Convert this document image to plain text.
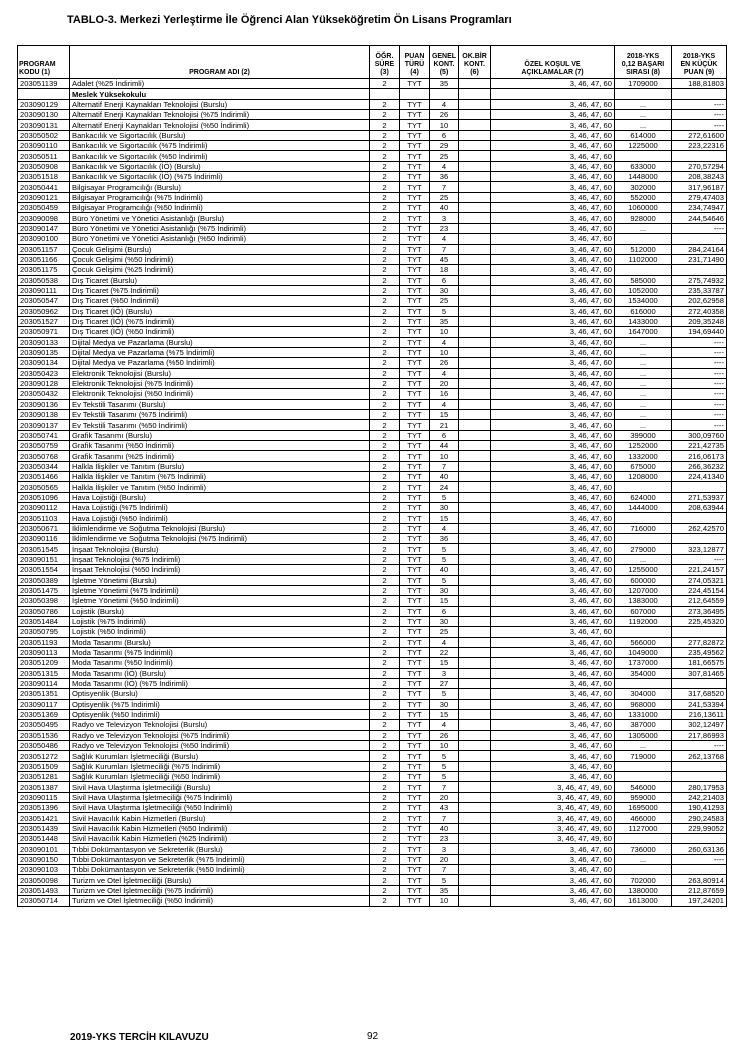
TABLO-3. Merkezi Yerleştirme İle Öğrenci Alan Yükseköğretim Ön Lisans Programları
PROGRAM
KODU (1)	PROGRAM ADI (2)	ÖĞR.
SÜRE
(3)	PUAN
TÜRÜ
(4)	GENEL
KONT.
(5)	OK.BİR
KONT.
(6)	ÖZEL KOŞUL VE
AÇIKLAMALAR (7)	2018-YKS
0,12 BAŞARI
SIRASI (8)	2018-YKS
EN KÜÇÜK
PUAN (9)

203051139	Adalet (%25 İndirimli)	2	TYT	35		3, 46, 47, 60	1709000	188,81803
	Meslek Yüksekokulu							
203090129	Alternatif Enerji Kaynakları Teknolojisi (Burslu)	2	TYT	4		3, 46, 47, 60	...	----
203090130	Alternatif Enerji Kaynakları Teknolojisi (%75 İndirimli)	2	TYT	26		3, 46, 47, 60	...	----
203090131	Alternatif Enerji Kaynakları Teknolojisi (%50 İndirimli)	2	TYT	10		3, 46, 47, 60	...	----
203050502	Bankacılık ve Sigortacılık (Burslu)	2	TYT	6		3, 46, 47, 60	614000	272,61600
203090110	Bankacılık ve Sigortacılık (%75 İndirimli)	2	TYT	29		3, 46, 47, 60	1225000	223,22316
203050511	Bankacılık ve Sigortacılık (%50 İndirimli)	2	TYT	25		3, 46, 47, 60		
203050908	Bankacılık ve Sigortacılık (İÖ) (Burslu)	2	TYT	4		3, 46, 47, 60	633000	270,57294
203051518	Bankacılık ve Sigortacılık (İÖ) (%75 İndirimli)	2	TYT	36		3, 46, 47, 60	1448000	208,38243
203050441	Bilgisayar Programcılığı (Burslu)	2	TYT	7		3, 46, 47, 60	302000	317,96187
203090121	Bilgisayar Programcılığı (%75 İndirimli)	2	TYT	25		3, 46, 47, 60	552000	279,47403
203050459	Bilgisayar Programcılığı (%50 İndirimli)	2	TYT	40		3, 46, 47, 60	1060000	234,74947
203090098	Büro Yönetimi ve Yönetici Asistanlığı (Burslu)	2	TYT	3		3, 46, 47, 60	928000	244,54646
203090147	Büro Yönetimi ve Yönetici Asistanlığı (%75 İndirimli)	2	TYT	23		3, 46, 47, 60	...	----
203090100	Büro Yönetimi ve Yönetici Asistanlığı (%50 İndirimli)	2	TYT	4		3, 46, 47, 60		
203051157	Çocuk Gelişimi (Burslu)	2	TYT	7		3, 46, 47, 60	512000	284,24164
203051166	Çocuk Gelişimi (%50 İndirimli)	2	TYT	45		3, 46, 47, 60	1102000	231,71490
203051175	Çocuk Gelişimi (%25 İndirimli)	2	TYT	18		3, 46, 47, 60		
203050538	Dış Ticaret (Burslu)	2	TYT	6		3, 46, 47, 60	585000	275,74932
203090111	Dış Ticaret (%75 İndirimli)	2	TYT	30		3, 46, 47, 60	1052000	235,33787
203050547	Dış Ticaret (%50 İndirimli)	2	TYT	25		3, 46, 47, 60	1534000	202,62958
203050962	Dış Ticaret (İÖ) (Burslu)	2	TYT	5		3, 46, 47, 60	616000	272,40358
203051527	Dış Ticaret (İÖ) (%75 İndirimli)	2	TYT	35		3, 46, 47, 60	1433000	209,35248
203050971	Dış Ticaret (İÖ) (%50 İndirimli)	2	TYT	10		3, 46, 47, 60	1647000	194,69440
203090133	Dijital Medya ve Pazarlama (Burslu)	2	TYT	4		3, 46, 47, 60	...	----
203090135	Dijital Medya ve Pazarlama (%75 İndirimli)	2	TYT	10		3, 46, 47, 60	...	----
203090134	Dijital Medya ve Pazarlama (%50 İndirimli)	2	TYT	26		3, 46, 47, 60	...	----
203050423	Elektronik Teknolojisi (Burslu)	2	TYT	4		3, 46, 47, 60	...	----
203090128	Elektronik Teknolojisi (%75 İndirimli)	2	TYT	20		3, 46, 47, 60	...	----
203050432	Elektronik Teknolojisi (%50 İndirimli)	2	TYT	16		3, 46, 47, 60	...	----
203090136	Ev Tekstili Tasarımı (Burslu)	2	TYT	4		3, 46, 47, 60	...	----
203090138	Ev Tekstili Tasarımı (%75 İndirimli)	2	TYT	15		3, 46, 47, 60	...	----
203090137	Ev Tekstili Tasarımı (%50 İndirimli)	2	TYT	21		3, 46, 47, 60	...	----
203050741	Grafik Tasarımı (Burslu)	2	TYT	6		3, 46, 47, 60	399000	300,09760
203050759	Grafik Tasarımı (%50 İndirimli)	2	TYT	44		3, 46, 47, 60	1252000	221,42735
203050768	Grafik Tasarımı (%25 İndirimli)	2	TYT	10		3, 46, 47, 60	1332000	216,06173
203050344	Halkla İlişkiler ve Tanıtım (Burslu)	2	TYT	7		3, 46, 47, 60	675000	266,36232
203051466	Halkla İlişkiler ve Tanıtım (%75 İndirimli)	2	TYT	40		3, 46, 47, 60	1208000	224,41340
203050565	Halkla İlişkiler ve Tanıtım (%50 İndirimli)	2	TYT	24		3, 46, 47, 60		
203051096	Hava Lojistiği (Burslu)	2	TYT	5		3, 46, 47, 60	624000	271,53937
203090112	Hava Lojistiği (%75 İndirimli)	2	TYT	30		3, 46, 47, 60	1444000	208,63944
203051103	Hava Lojistiği (%50 İndirimli)	2	TYT	15		3, 46, 47, 60		
203050671	İklimlendirme ve Soğutma Teknolojisi (Burslu)	2	TYT	4		3, 46, 47, 60	716000	262,42570
203090116	İklimlendirme ve Soğutma Teknolojisi (%75 İndirimli)	2	TYT	36		3, 46, 47, 60		
203051545	İnşaat Teknolojisi (Burslu)	2	TYT	5		3, 46, 47, 60	279000	323,12877
203090151	İnşaat Teknolojisi (%75 İndirimli)	2	TYT	5		3, 46, 47, 60	...	----
203051554	İnşaat Teknolojisi (%50 İndirimli)	2	TYT	40		3, 46, 47, 60	1255000	221,24157
203050389	İşletme Yönetimi (Burslu)	2	TYT	5		3, 46, 47, 60	600000	274,05321
203051475	İşletme Yönetimi (%75 İndirimli)	2	TYT	30		3, 46, 47, 60	1207000	224,45154
203050398	İşletme Yönetimi (%50 İndirimli)	2	TYT	15		3, 46, 47, 60	1383000	212,64559
203050786	Lojistik (Burslu)	2	TYT	6		3, 46, 47, 60	607000	273,36495
203051484	Lojistik (%75 İndirimli)	2	TYT	30		3, 46, 47, 60	1192000	225,45320
203050795	Lojistik (%50 İndirimli)	2	TYT	25		3, 46, 47, 60		
203051193	Moda Tasarımı (Burslu)	2	TYT	4		3, 46, 47, 60	566000	277,82872
203090113	Moda Tasarımı (%75 İndirimli)	2	TYT	22		3, 46, 47, 60	1049000	235,49562
203051209	Moda Tasarımı (%50 İndirimli)	2	TYT	15		3, 46, 47, 60	1737000	181,66575
203051315	Moda Tasarımı (İÖ) (Burslu)	2	TYT	3		3, 46, 47, 60	354000	307,81465
203090114	Moda Tasarımı (İÖ) (%75 İndirimli)	2	TYT	27		3, 46, 47, 60		
203051351	Optisyenlik (Burslu)	2	TYT	5		3, 46, 47, 60	304000	317,68520
203090117	Optisyenlik (%75 İndirimli)	2	TYT	30		3, 46, 47, 60	968000	241,53394
203051369	Optisyenlik (%50 İndirimli)	2	TYT	15		3, 46, 47, 60	1331000	216,13611
203050495	Radyo ve Televizyon Teknolojisi (Burslu)	2	TYT	4		3, 46, 47, 60	387000	302,12497
203051536	Radyo ve Televizyon Teknolojisi (%75 İndirimli)	2	TYT	26		3, 46, 47, 60	1305000	217,86993
203050486	Radyo ve Televizyon Teknolojisi (%50 İndirimli)	2	TYT	10		3, 46, 47, 60	...	----
203051272	Sağlık Kurumları İşletmeciliği (Burslu)	2	TYT	5		3, 46, 47, 60	719000	262,13768
203051509	Sağlık Kurumları İşletmeciliği (%75 İndirimli)	2	TYT	5		3, 46, 47, 60		
203051281	Sağlık Kurumları İşletmeciliği (%50 İndirimli)	2	TYT	5		3, 46, 47, 60		
203051387	Sivil Hava Ulaştırma İşletmeciliği (Burslu)	2	TYT	7		3, 46, 47, 49, 60	546000	280,17953
203090115	Sivil Hava Ulaştırma İşletmeciliği (%75 İndirimli)	2	TYT	20		3, 46, 47, 49, 60	959000	242,21403
203051396	Sivil Hava Ulaştırma İşletmeciliği (%50 İndirimli)	2	TYT	43		3, 46, 47, 49, 60	1695000	190,41293
203051421	Sivil Havacılık Kabin Hizmetleri (Burslu)	2	TYT	7		3, 46, 47, 49, 60	466000	290,24583
203051439	Sivil Havacılık Kabin Hizmetleri (%50 İndirimli)	2	TYT	40		3, 46, 47, 49, 60	1127000	229,99052
203051448	Sivil Havacılık Kabin Hizmetleri (%25 İndirimli)	2	TYT	23		3, 46, 47, 49, 60		
203090101	Tıbbi Dokümantasyon ve Sekreterlik (Burslu)	2	TYT	3		3, 46, 47, 60	736000	260,63136
203090150	Tıbbi Dokümantasyon ve Sekreterlik (%75 İndirimli)	2	TYT	20		3, 46, 47, 60	...	----
203090103	Tıbbi Dokümantasyon ve Sekreterlik (%50 İndirimli)	2	TYT	7		3, 46, 47, 60		
203050098	Turizm ve Otel İşletmeciliği (Burslu)	2	TYT	5		3, 46, 47, 60	702000	263,80914
203051493	Turizm ve Otel İşletmeciliği (%75 İndirimli)	2	TYT	35		3, 46, 47, 60	1380000	212,87659
203050714	Turizm ve Otel İşletmeciliği (%50 İndirimli)	2	TYT	10		3, 46, 47, 60	1613000	197,24201
2019-YKS TERCİH KILAVUZU	92
